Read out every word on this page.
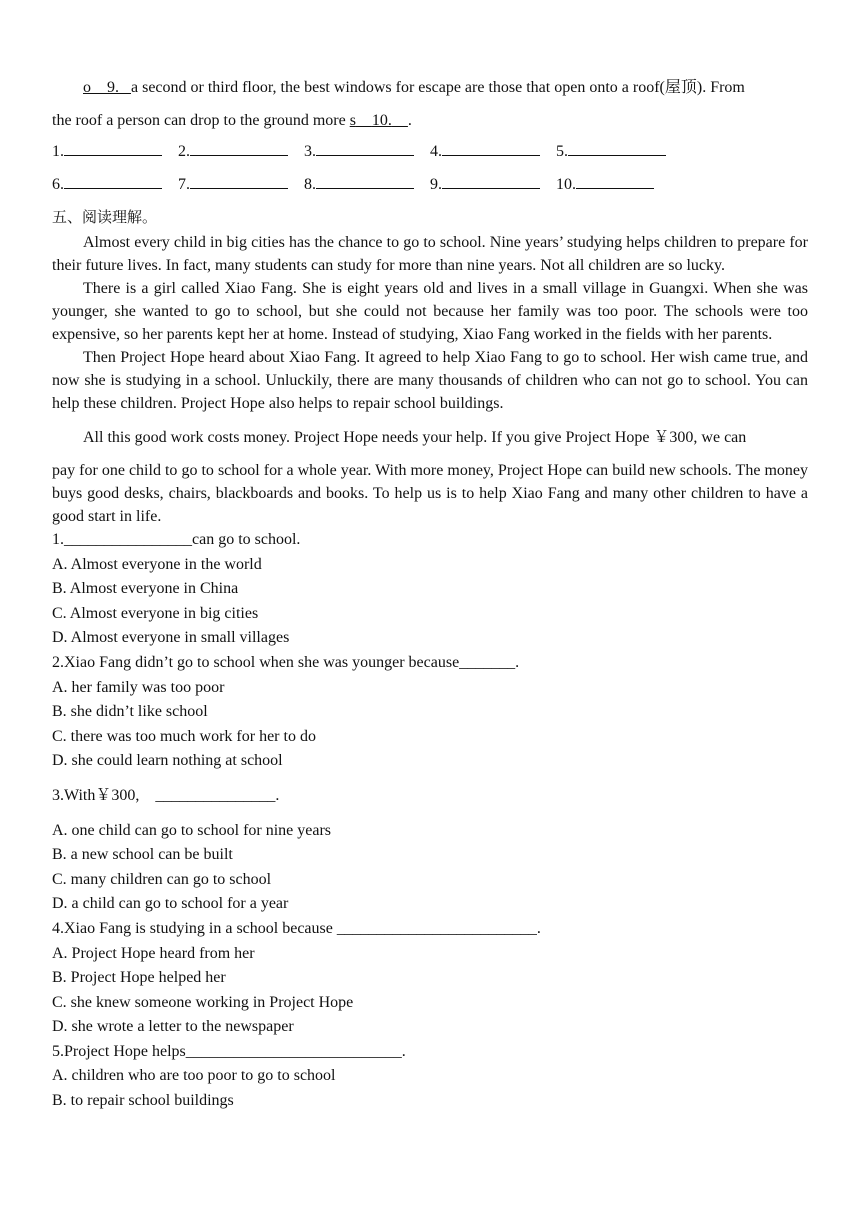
o 9. a second or third floor, the best windows for escape are those that open onto a roof(屋顶). From

the roof a person can drop to the ground more s 10. .

1.	2.	3.	4.	5.
6.	7.	8.	9.	10.

五、阅读理解。

Almost every child in big cities has the chance to go to school. Nine years’ studying helps children to prepare for their future lives. In fact, many students can study for more than nine years. Not all children are so lucky.

There is a girl called Xiao Fang. She is eight years old and lives in a small village in Guangxi. When she was younger, she wanted to go to school, but she could not because her family was too poor. The schools were too expensive, so her parents kept her at home. Instead of studying, Xiao Fang worked in the fields with her parents.

Then Project Hope heard about Xiao Fang. It agreed to help Xiao Fang to go to school. Her wish came true, and now she is studying in a school. Unluckily, there are many thousands of children who can not go to school. You can help these children. Project Hope also helps to repair school buildings.

All this good work costs money. Project Hope needs your help. If you give Project Hope ￥300, we can

pay for one child to go to school for a whole year. With more money, Project Hope can build new schools. The money buys good desks, chairs, blackboards and books. To help us is to help Xiao Fang and many other children to have a good start in life.

1.________________can go to school.

A. Almost everyone in the world

B. Almost everyone in China

C. Almost everyone in big cities

D. Almost everyone in small villages

2.Xiao Fang didn’t go to school when she was younger because_______.

A. her family was too poor

B. she didn’t like school

C. there was too much work for her to do

D. she could learn nothing at school

3.With￥300,    _______________.

A. one child can go to school for nine years

B. a new school can be built

C. many children can go to school

D. a child can go to school for a year

4.Xiao Fang is studying in a school because _________________________.

A. Project Hope heard from her

B. Project Hope helped her

C. she knew someone working in Project Hope

D. she wrote a letter to the newspaper

5.Project Hope helps___________________________.

A. children who are too poor to go to school

B. to repair school buildings
